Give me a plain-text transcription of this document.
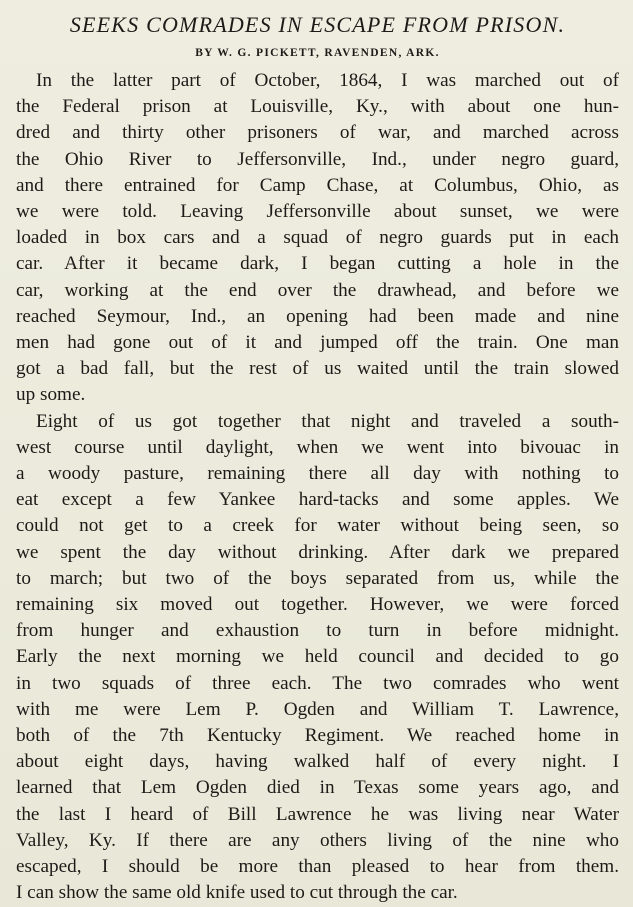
SEEKS COMRADES IN ESCAPE FROM PRISON.
BY W. G. PICKETT, RAVENDEN, ARK.
In the latter part of October, 1864, I was marched out of
the Federal prison at Louisville, Ky., with about one hun-
dred and thirty other prisoners of war, and marched across
the Ohio River to Jeffersonville, Ind., under negro guard,
and there entrained for Camp Chase, at Columbus, Ohio, as
we were told. Leaving Jeffersonville about sunset, we were
loaded in box cars and a squad of negro guards put in each
car. After it became dark, I began cutting a hole in the
car, working at the end over the drawhead, and before we
reached Seymour, Ind., an opening had been made and nine
men had gone out of it and jumped off the train. One man
got a bad fall, but the rest of us waited until the train slowed
up some.
Eight of us got together that night and traveled a south-
west course until daylight, when we went into bivouac in
a woody pasture, remaining there all day with nothing to
eat except a few Yankee hard-tacks and some apples. We
could not get to a creek for water without being seen, so
we spent the day without drinking. After dark we prepared
to march; but two of the boys separated from us, while the
remaining six moved out together. However, we were forced
from hunger and exhaustion to turn in before midnight.
Early the next morning we held council and decided to go
in two squads of three each. The two comrades who went
with me were Lem P. Ogden and William T. Lawrence,
both of the 7th Kentucky Regiment. We reached home in
about eight days, having walked half of every night. I
learned that Lem Ogden died in Texas some years ago, and
the last I heard of Bill Lawrence he was living near Water
Valley, Ky. If there are any others living of the nine who
escaped, I should be more than pleased to hear from them.
I can show the same old knife used to cut through the car.
